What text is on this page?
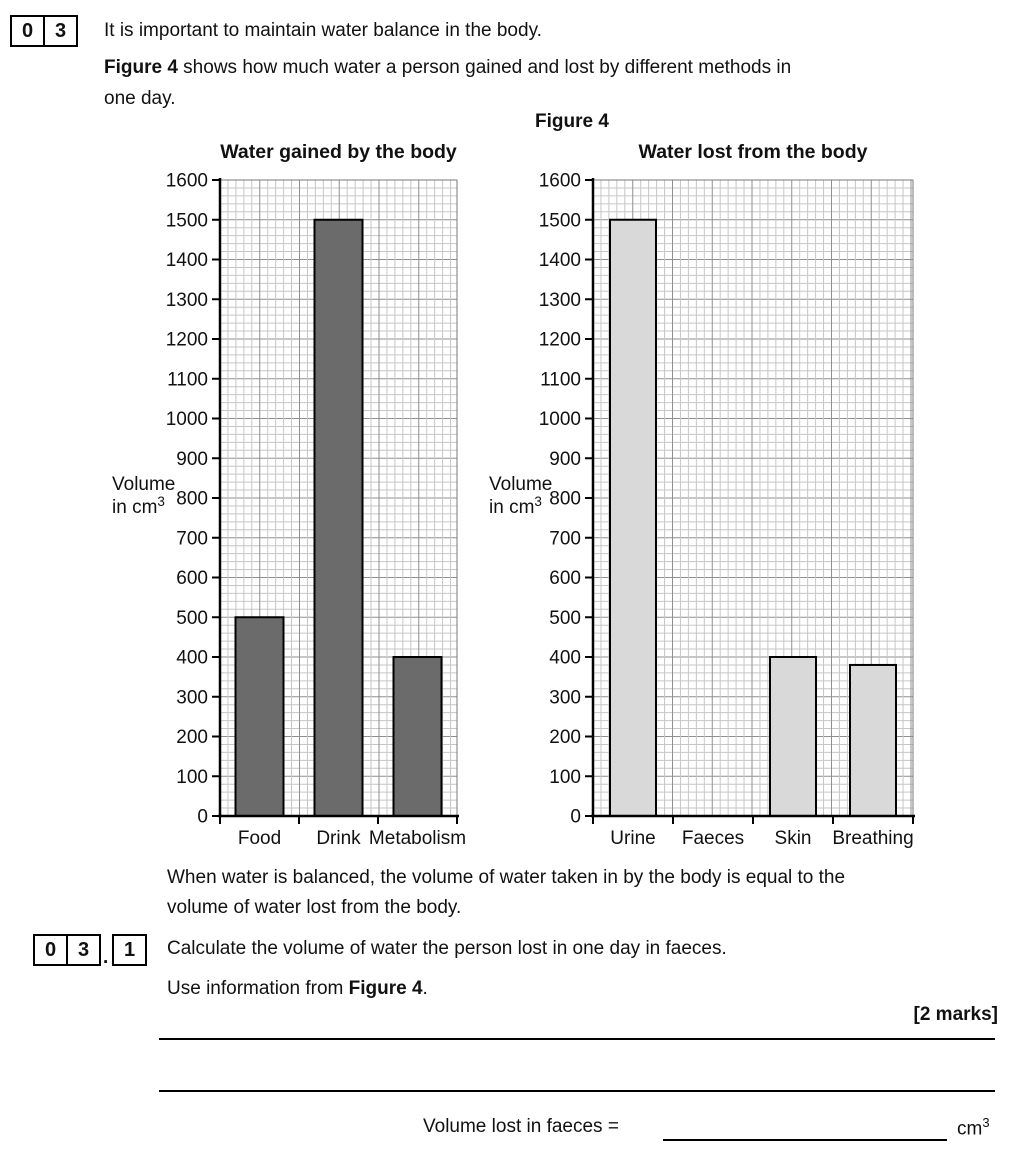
0	3	It is important to maintain water balance in the body.
Figure 4 shows how much water a person gained and lost by different methods in
one day.
Figure 4
0
100
200
300
400
500
600
700
800
900
1000
1100
1200
1300
1400
1500
1600
Food Drink Metabolism
Water gained by the body
Volume
in $cm^3$
0
100
200
300
400
500
600
700
800
900
1000
1100
1200
1300
1400
1500
1600
Urine Faeces Skin Breathing
Water lost from the body
Volume
in $cm^3$
When water is balanced, the volume of water taken in by the body is equal to the
volume of water lost from the body.
0	3 . 1	Calculate the volume of water the person lost in one day in faeces.
Use information from Figure 4.
[2 marks]
Volume lost in faeces =	$cm^3$
